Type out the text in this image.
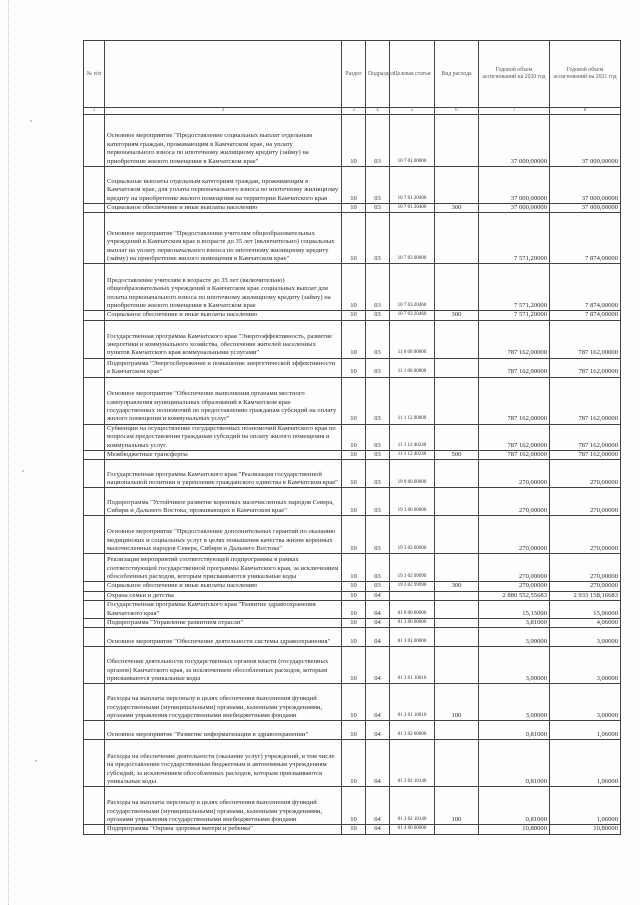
№ п/п		Раздел	Подраздел	Целевая статья	Вид расхода	Годовой объем ассигнований на 2020 год	Годовой объем ассигнований на 2021 год
1	2	3	4	5	6	7	8
	Основное мероприятие "Предоставление социальных выплат отдельным категориям граждан, проживающим в Камчатском крае, на уплату первоначального взноса по ипотечному жилищному кредиту (займу) на приобретение жилого помещения в Камчатском крае"	10	03	10 7 01 00000		37 000,00000	37 000,00000
	Социальные выплаты отдельным категориям граждан, проживающим в Камчатском крае, для уплаты первоначального взноса по ипотечному жилищному кредиту на приобретение жилого помещения на территории Камчатского края	10	03	10 7 01 20400		37 000,00000	37 000,00000
	Социальное обеспечение и иные выплаты населению	10	03	10 7 01 20400	300	37 000,00000	37 000,00000
	Основное мероприятие "Предоставление учителям общеобразовательных учреждений в Камчатском крае в возрасте до 35 лет (включительно) социальных выплат на уплату первоначального взноса по ипотечному жилищному кредиту (займу) на приобретение жилого помещения в Камчатском крае"	10	03	10 7 03 00000		7 571,20000	7 874,00000
	Предоставление учителям в возрасте до 35 лет (включительно) общеобразовательных учреждений в Камчатском крае социальных выплат для оплаты первоначального взноса по ипотечному жилищному кредиту (займу) на приобретение жилого помещения в Камчатском крае	10	03	10 7 03 20460		7 571,20000	7 874,00000
	Социальное обеспечение и иные выплаты населению	10	03	10 7 03 20460	300	7 571,20000	7 874,00000
	Государственная программа Камчатского края "Энергоэффективность, развитие энергетики и коммунального хозяйства, обеспечение жителей населенных пунктов Камчатского края коммунальными услугами"	10	03	11 0 00 00000		787 162,00000	787 162,00000
	Подпрограмма "Энергосбережение и повышение энергетической эффективности в Камчатском крае"	10	03	11 1 00 00000		787 162,00000	787 162,00000
	Основное мероприятие "Обеспечение выполнения органами местного самоуправления муниципальных образований в Камчатском крае государственных полномочий по предоставлению гражданам субсидий на оплату жилого помещения и коммунальных услуг"	10	03	11 1 12 00000		787 162,00000	787 162,00000
	Субвенции на осуществление государственных полномочий Камчатского края по вопросам предоставления гражданам субсидий на оплату жилого помещения и коммунальных услуг	10	03	11 1 12 40240		787 162,00000	787 162,00000
	Межбюджетные трансферты	10	03	11 1 12 40240	500	787 162,00000	787 162,00000
	Государственная программа Камчатского края "Реализация государственной национальной политики и укрепление гражданского единства в Камчатском крае"	10	03	19 0 00 00000		270,00000	270,00000
	Подпрограмма "Устойчивое развитие коренных малочисленных народов Севера, Сибири и Дальнего Востока, проживающих в Камчатском крае"	10	03	19 3 00 00000		270,00000	270,00000
	Основное мероприятие "Предоставление дополнительных гарантий по оказанию медицинских и социальных услуг в целях повышения качества жизни коренных малочисленных народов Севера, Сибири и Дальнего Востока"	10	03	19 3 02 00000		270,00000	270,00000
	Реализация мероприятий соответствующей подпрограммы в рамках соответствующей государственной программы Камчатского края, за исключением обособленных расходов, которым присваиваются уникальные коды	10	03	19 3 02 99990		270,00000	270,00000
	Социальное обеспечение и иные выплаты населению	10	03	19 3 02 99990	300	270,00000	270,00000
	Охрана семьи и детства	10	04			2 880 552,55683	2 933 158,16683
	Государственная программа Камчатского края "Развитие здравоохранения Камчатского края"	10	04	01 0 00 00000		15,15000	15,06000
	Подпрограмма "Управление развитием отрасли"	10	04	01 3 00 00000		3,81000	4,06000
	Основное мероприятие "Обеспечение деятельности системы здравоохранения"	10	04	01 3 01 00000		3,00000	3,00000
	Обеспечение деятельности государственных органов власти (государственных органов) Камчатского края, за исключением обособленных расходов, которым присваиваются уникальные коды	10	04	01 3 01 10010		3,00000	3,00000
	Расходы на выплаты персоналу в целях обеспечения выполнения функций государственными (муниципальными) органами, казенными учреждениями, органами управления государственными внебюджетными фондами	10	04	01 3 01 10010	100	3,00000	3,00000
	Основное мероприятие "Развитие информатизации в здравоохранении"	10	04	01 3 02 00000		0,81000	1,06000
	Расходы на обеспечение деятельности (оказание услуг) учреждений, в том числе на предоставление государственным бюджетным и автономным учреждениям субсидий, за исключением обособленных расходов, которым присваиваются уникальные коды	10	04	01 3 02 10140		0,81000	1,06000
	Расходы на выплаты персоналу в целях обеспечения выполнения функций государственными (муниципальными) органами, казенными учреждениями, органами управления государственными внебюджетными фондами	10	04	01 3 02 10140	100	0,81000	1,06000
	Подпрограмма "Охрана здоровья матери и ребенка"	10	04	01 4 00 00000		10,80000	10,80000
